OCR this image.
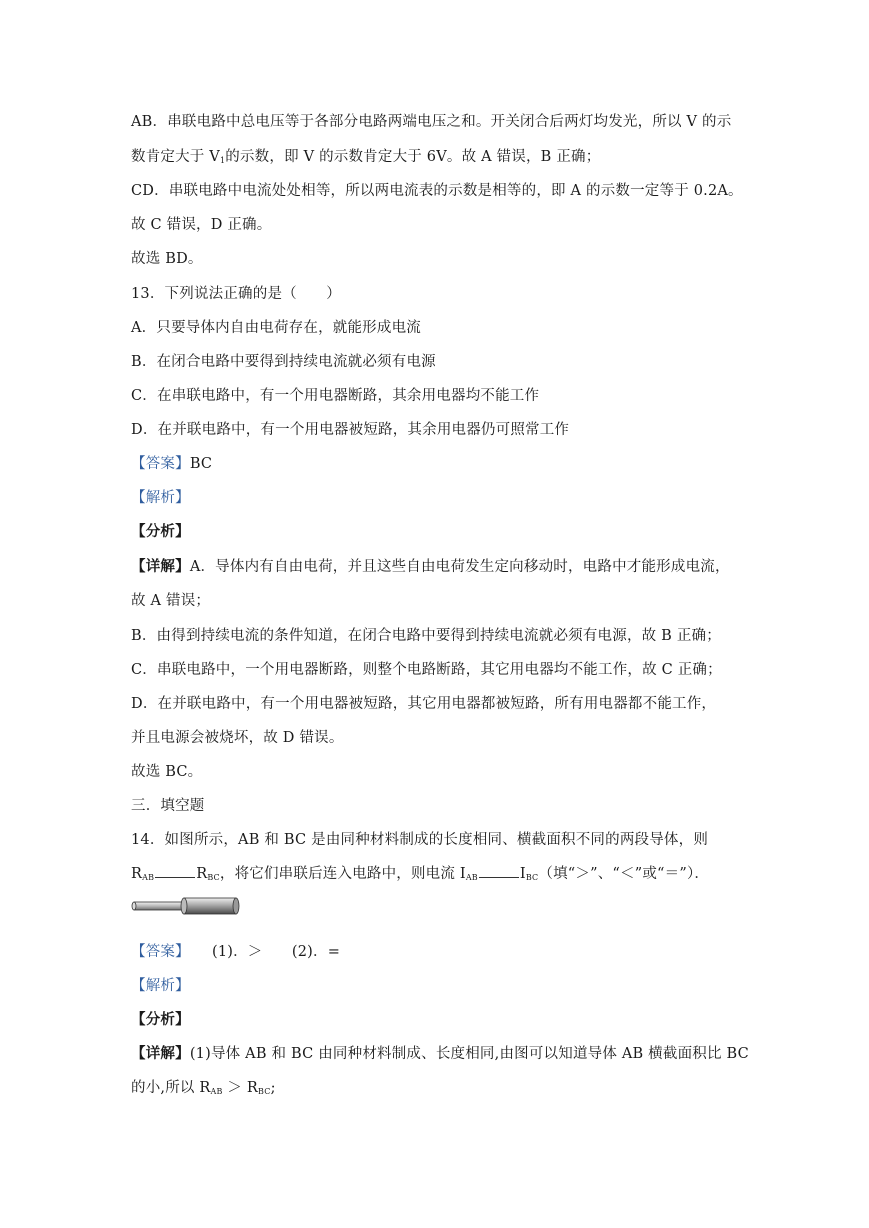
AB．串联电路中总电压等于各部分电路两端电压之和。开关闭合后两灯均发光，所以 V 的示

数肯定大于 $V_1$的示数，即 V 的示数肯定大于 6V。故 A 错误，B 正确；

CD．串联电路中电流处处相等，所以两电流表的示数是相等的，即 A 的示数一定等于 0.2A。

故 C 错误，D 正确。

故选 BD。

13．下列说法正确的是（　　）

A．只要导体内自由电荷存在，就能形成电流

B．在闭合电路中要得到持续电流就必须有电源

C．在串联电路中，有一个用电器断路，其余用电器均不能工作

D．在并联电路中，有一个用电器被短路，其余用电器仍可照常工作

【答案】BC

【解析】

【分析】

【详解】A．导体内有自由电荷，并且这些自由电荷发生定向移动时，电路中才能形成电流，

故 A 错误；

B．由得到持续电流的条件知道，在闭合电路中要得到持续电流就必须有电源，故 B 正确；

C．串联电路中，一个用电器断路，则整个电路断路，其它用电器均不能工作，故 C 正确；

D．在并联电路中，有一个用电器被短路，其它用电器都被短路，所有用电器都不能工作，

并且电源会被烧坏，故 D 错误。

故选 BC。

三．填空题

14．如图所示，AB 和 BC 是由同种材料制成的长度相同、横截面积不同的两段导体，则

$R_{AB}$	$R_{BC}$，将它们串联后连入电路中，则电流 $I_{AB}$	$I_{BC}$（填“＞”、“＜”或“＝”）．

【答案】　　(1)．＞　　(2)．=

【解析】

【分析】

【详解】(1)导体 AB 和 BC 由同种材料制成、长度相同,由图可以知道导体 AB 横截面积比 BC

的小,所以 $R_{AB} > R_{BC}$;
